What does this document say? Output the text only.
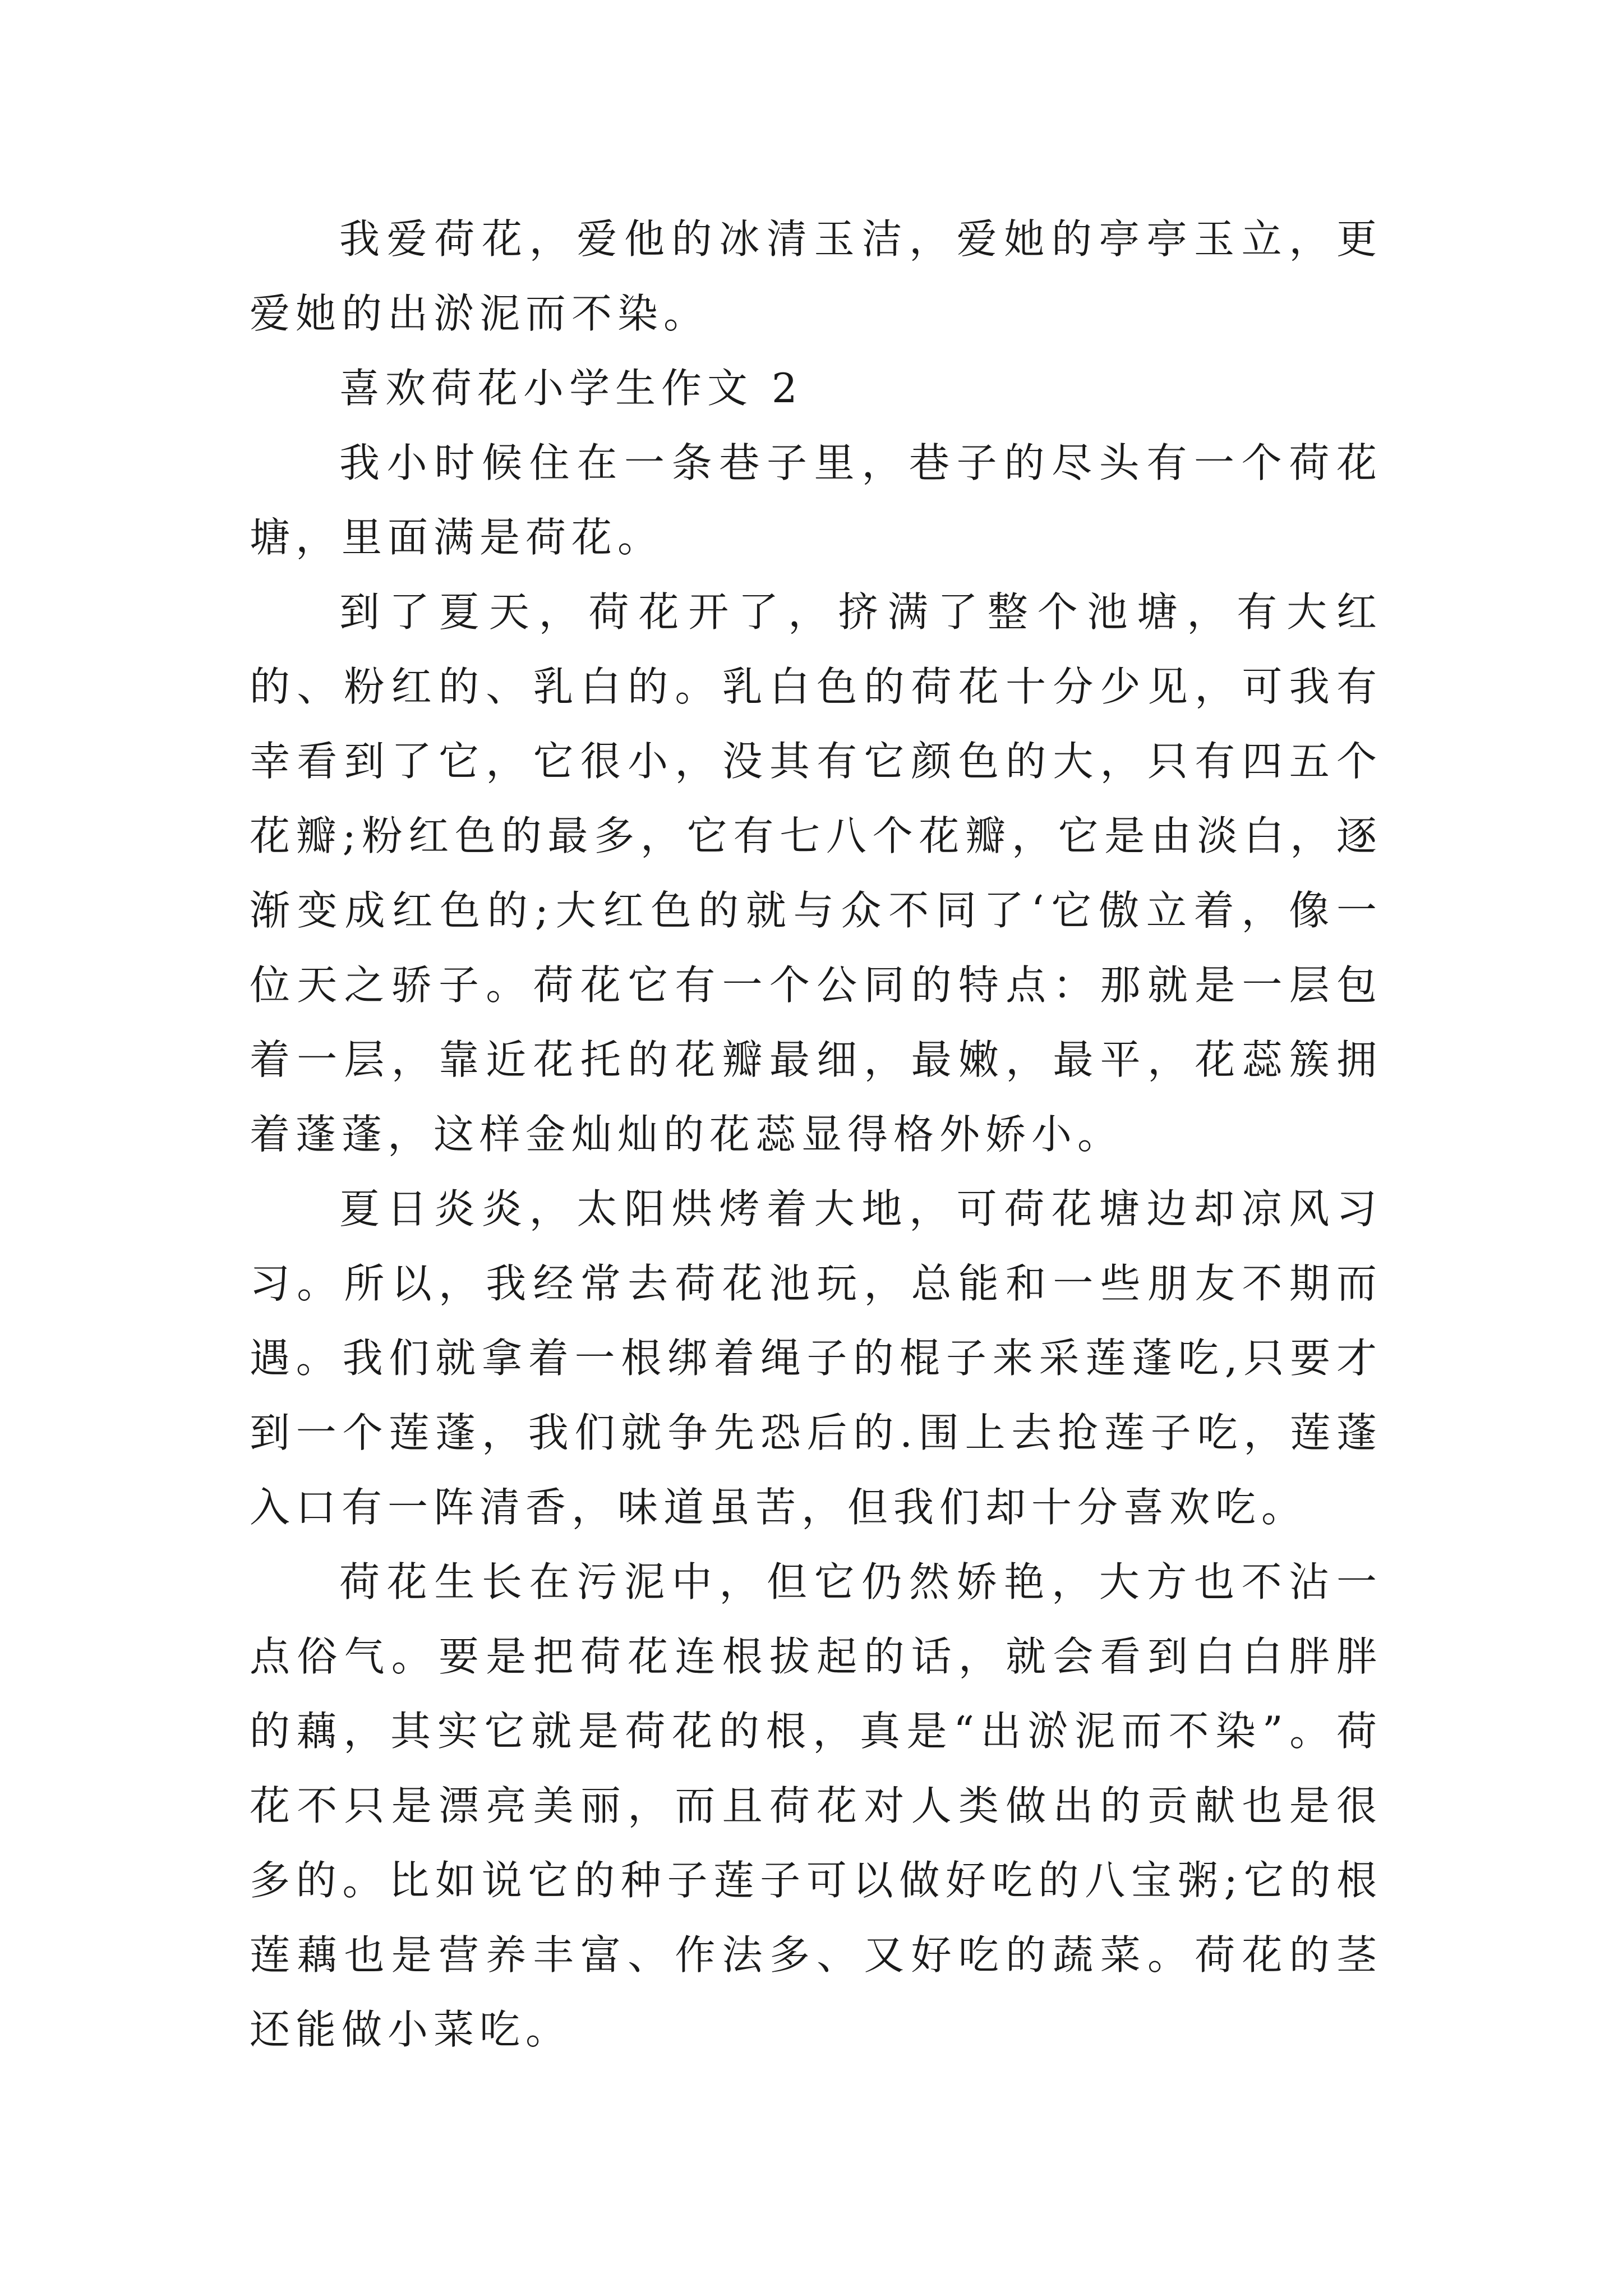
我爱荷花，爱他的冰清玉洁，爱她的亭亭玉立，更爱她的出淤泥而不染。

喜欢荷花小学生作文 2

我小时候住在一条巷子里，巷子的尽头有一个荷花塘，里面满是荷花。

到了夏天，荷花开了，挤满了整个池塘，有大红的、粉红的、乳白的。乳白色的荷花十分少见，可我有幸看到了它，它很小，没其有它颜色的大，只有四五个花瓣;粉红色的最多，它有七八个花瓣，它是由淡白，逐渐变成红色的;大红色的就与众不同了‘它傲立着，像一位天之骄子。荷花它有一个公同的特点：那就是一层包着一层，靠近花托的花瓣最细，最嫩，最平，花蕊簇拥着蓬蓬，这样金灿灿的花蕊显得格外娇小。

夏日炎炎，太阳烘烤着大地，可荷花塘边却凉风习习。所以，我经常去荷花池玩，总能和一些朋友不期而遇。我们就拿着一根绑着绳子的棍子来采莲蓬吃,只要才到一个莲蓬，我们就争先恐后的.围上去抢莲子吃，莲蓬入口有一阵清香，味道虽苦，但我们却十分喜欢吃。

荷花生长在污泥中，但它仍然娇艳，大方也不沾一点俗气。要是把荷花连根拔起的话，就会看到白白胖胖的藕，其实它就是荷花的根，真是“出淤泥而不染”。荷花不只是漂亮美丽，而且荷花对人类做出的贡献也是很多的。比如说它的种子莲子可以做好吃的八宝粥;它的根莲藕也是营养丰富、作法多、又好吃的蔬菜。荷花的茎还能做小菜吃。
